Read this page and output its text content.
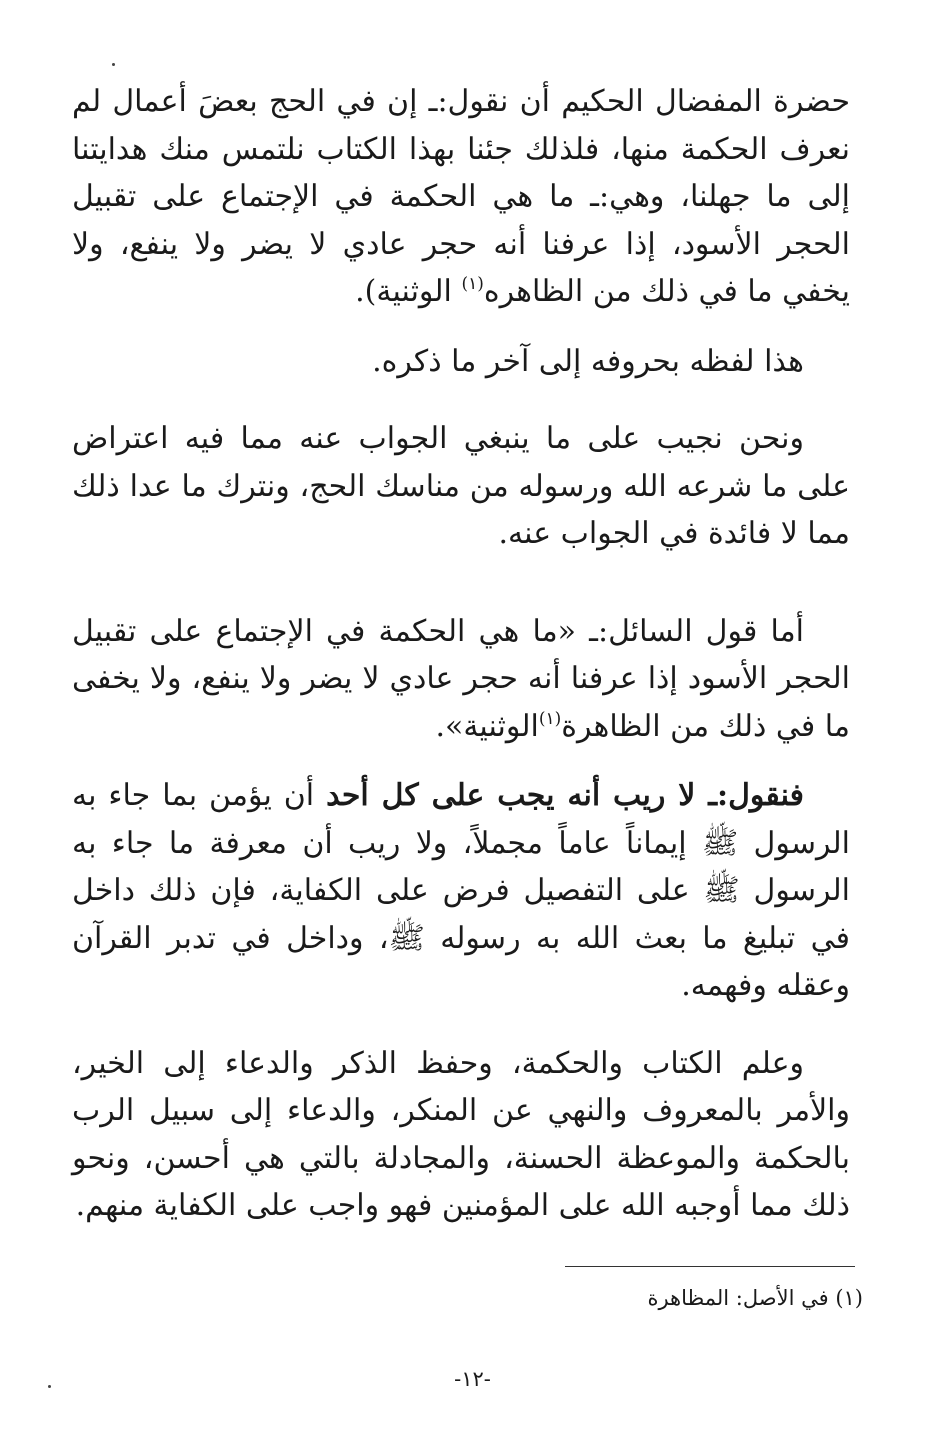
حضرة المفضال الحكيم أن نقول:ـ إن في الحج بعضَ أعمال لم نعرف الحكمة منها، فلذلك جئنا بهذا الكتاب نلتمس منك هدايتنا إلى ما جهلنا، وهي:ـ ما هي الحكمة في الإجتماع على تقبيل الحجر الأسود، إذا عرفنا أنه حجر عادي لا يضر ولا ينفع، ولا يخفي ما في ذلك من الظاهره$^{(١)}$ الوثنية).

هذا لفظه بحروفه إلى آخر ما ذكره.

ونحن نجيب على ما ينبغي الجواب عنه مما فيه اعتراض على ما شرعه الله ورسوله من مناسك الحج، ونترك ما عدا ذلك مما لا فائدة في الجواب عنه.

أما قول السائل:ـ «ما هي الحكمة في الإجتماع على تقبيل الحجر الأسود إذا عرفنا أنه حجر عادي لا يضر ولا ينفع، ولا يخفى ما في ذلك من الظاهرة$^{(١)}$الوثنية».

فنقول:ـ لا ريب أنه يجب على كل أحد أن يؤمن بما جاء به الرسول ﷺ إيماناً عاماً مجملاً، ولا ريب أن معرفة ما جاء به الرسول ﷺ على التفصيل فرض على الكفاية، فإن ذلك داخل في تبليغ ما بعث الله به رسوله ﷺ، وداخل في تدبر القرآن وعقله وفهمه.

وعلم الكتاب والحكمة، وحفظ الذكر والدعاء إلى الخير، والأمر بالمعروف والنهي عن المنكر، والدعاء إلى سبيل الرب بالحكمة والموعظة الحسنة، والمجادلة بالتي هي أحسن، ونحو ذلك مما أوجبه الله على المؤمنين فهو واجب على الكفاية منهم.

(١) في الأصل: المظاهرة

-١٢-
